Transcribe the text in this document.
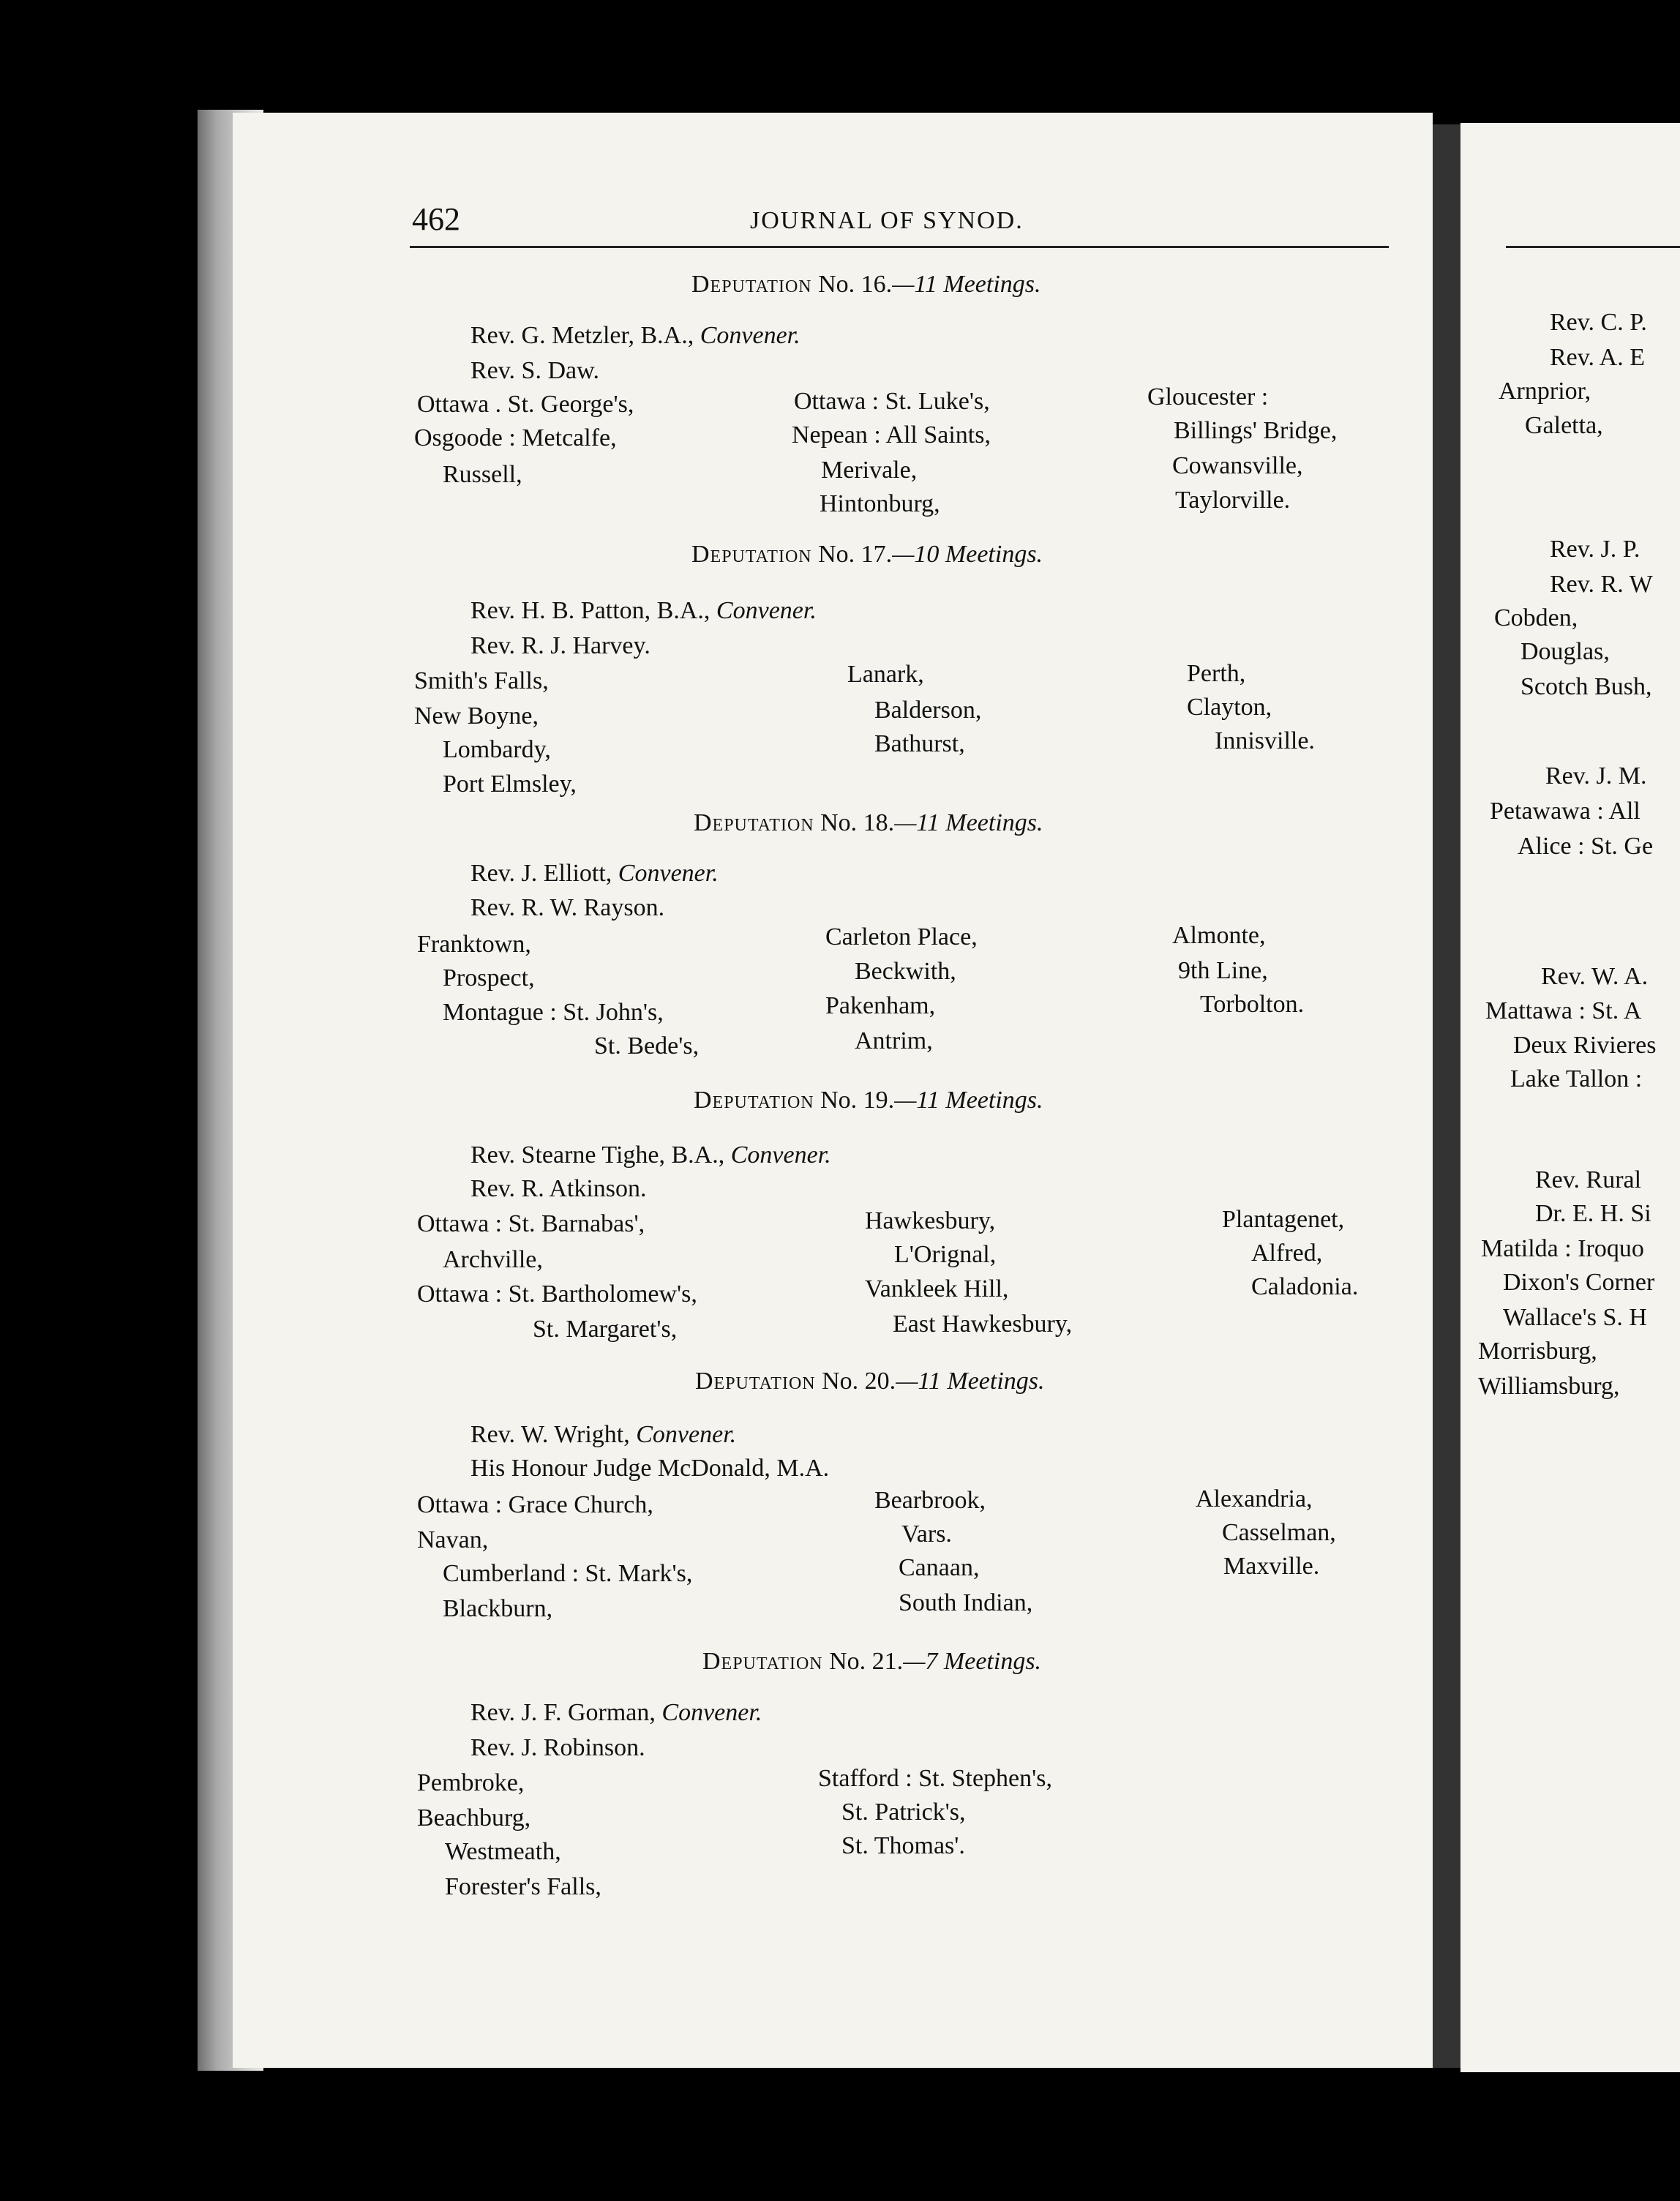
462	JOURNAL OF SYNOD.
Deputation No. 16.—11 Meetings.
Rev. G. Metzler, B.A., Convener.
Rev. S. Daw.
Ottawa . St. George's,
Osgoode : Metcalfe,
Russell,
Ottawa : St. Luke's,
Nepean : All Saints,
Merivale,
Hintonburg,
Gloucester :
Billings' Bridge,
Cowansville,
Taylorville.
Deputation No. 17.—10 Meetings.
Rev. H. B. Patton, B.A., Convener.
Rev. R. J. Harvey.
Smith's Falls,
New Boyne,
Lombardy,
Port Elmsley,
Lanark,
Balderson,
Bathurst,
Perth,
Clayton,
Innisville.
Deputation No. 18.—11 Meetings.
Rev. J. Elliott, Convener.
Rev. R. W. Rayson.
Franktown,
Prospect,
Montague : St. John's,
St. Bede's,
Carleton Place,
Beckwith,
Pakenham,
Antrim,
Almonte,
9th Line,
Torbolton.
Deputation No. 19.—11 Meetings.
Rev. Stearne Tighe, B.A., Convener.
Rev. R. Atkinson.
Ottawa : St. Barnabas',
Archville,
Ottawa : St. Bartholomew's,
St. Margaret's,
Hawkesbury,
L'Orignal,
Vankleek Hill,
East Hawkesbury,
Plantagenet,
Alfred,
Caladonia.
Deputation No. 20.—11 Meetings.
Rev. W. Wright, Convener.
His Honour Judge McDonald, M.A.
Ottawa : Grace Church,
Navan,
Cumberland : St. Mark's,
Blackburn,
Bearbrook,
Vars.
Canaan,
South Indian,
Alexandria,
Casselman,
Maxville.
Deputation No. 21.—7 Meetings.
Rev. J. F. Gorman, Convener.
Rev. J. Robinson.
Pembroke,
Beachburg,
Westmeath,
Forester's Falls,
Stafford : St. Stephen's,
St. Patrick's,
St. Thomas'.
Rev. C. P.
Rev. A. E
Arnprior,
Galetta,
Rev. J. P.
Rev. R. W
Cobden,
Douglas,
Scotch Bush,
Rev. J. M.
Petawawa : All
Alice : St. Ge
Rev. W. A.
Mattawa : St. A
Deux Rivieres
Lake Tallon :
Rev. Rural
Dr. E. H. Si
Matilda : Iroquo
Dixon's Corner
Wallace's S. H
Morrisburg,
Williamsburg,
